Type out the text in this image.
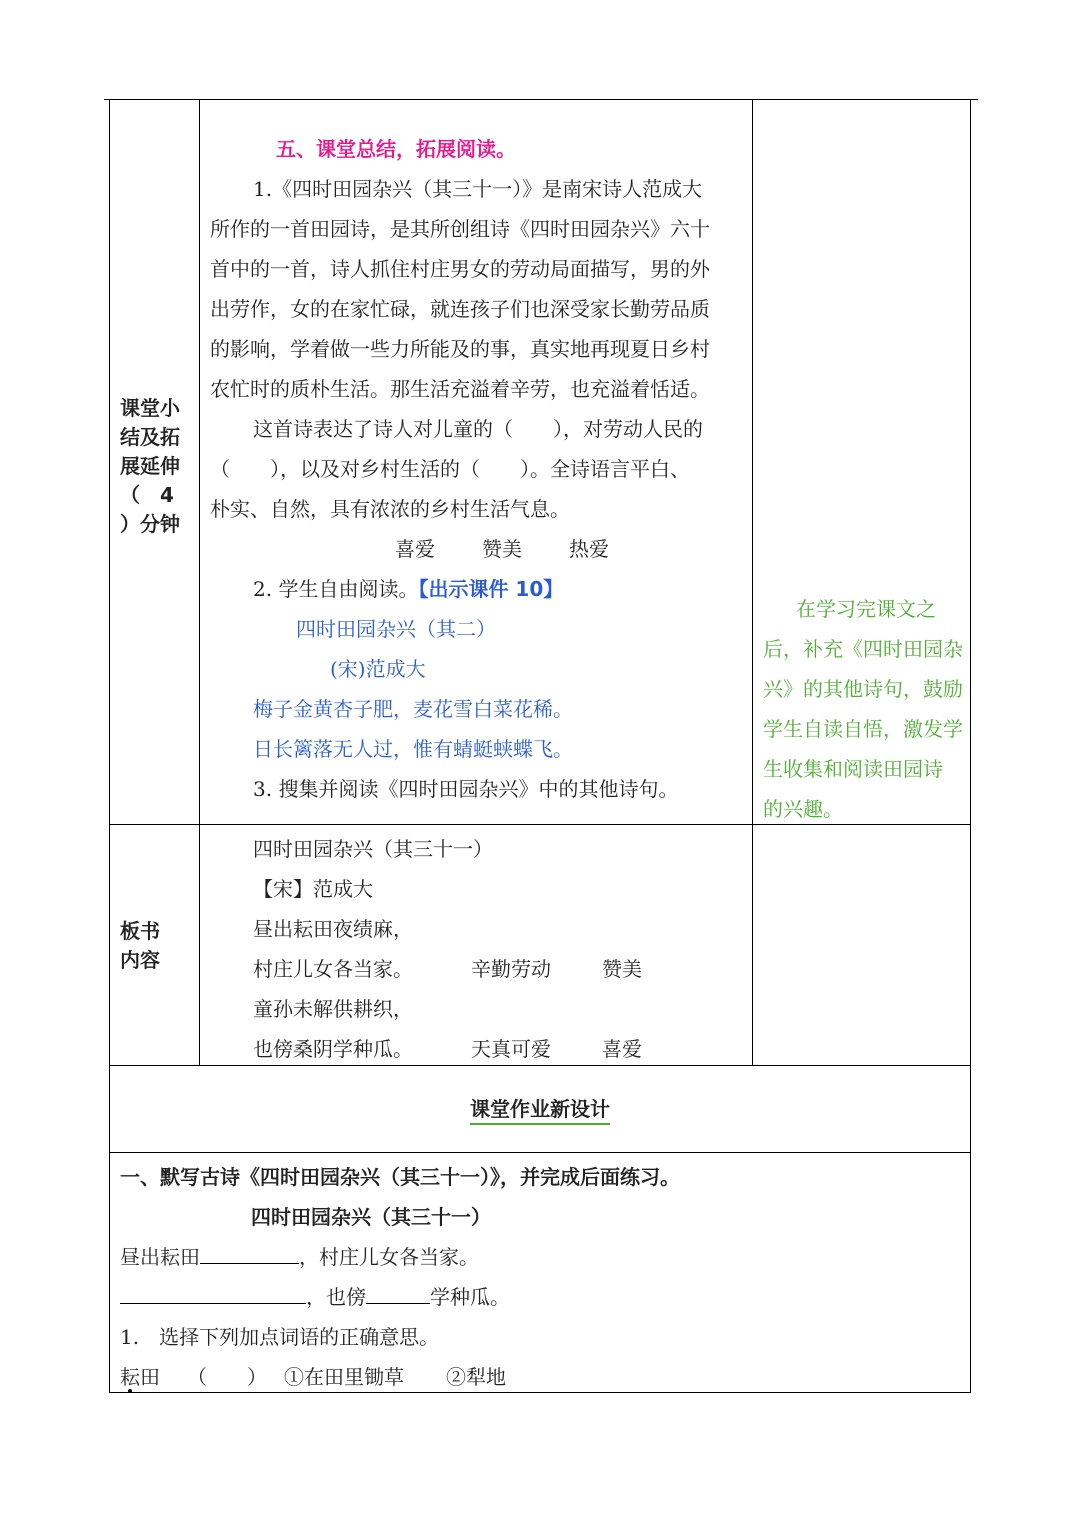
课堂小
结及拓
展延伸
（　4
）分钟
五、课堂总结，拓展阅读。
1.《四时田园杂兴（其三十一）》是南宋诗人范成大
所作的一首田园诗，是其所创组诗《四时田园杂兴》六十
首中的一首，诗人抓住村庄男女的劳动局面描写，男的外
出劳作，女的在家忙碌，就连孩子们也深受家长勤劳品质
的影响，学着做一些力所能及的事，真实地再现夏日乡村
农忙时的质朴生活。那生活充溢着辛劳，也充溢着恬适。
这首诗表达了诗人对儿童的（　　），对劳动人民的
（　　），以及对乡村生活的（　　）。全诗语言平白、
朴实、自然，具有浓浓的乡村生活气息。
喜爱 赞美 热爱
2. 学生自由阅读。【出示课件 10】
四时田园杂兴（其二）
(宋)范成大
梅子金黄杏子肥，麦花雪白菜花稀。
日长篱落无人过，惟有蜻蜓蛱蝶飞。
3. 搜集并阅读《四时田园杂兴》中的其他诗句。
在学习完课文之
后，补充《四时田园杂
兴》的其他诗句，鼓励
学生自读自悟，激发学
生收集和阅读田园诗
的兴趣。
板书
内容
四时田园杂兴（其三十一）
【宋】范成大
昼出耘田夜绩麻，
村庄儿女各当家。	辛勤劳动	赞美
童孙未解供耕织，
也傍桑阴学种瓜。	天真可爱	喜爱
课堂作业新设计
一、默写古诗《四时田园杂兴（其三十一）》，并完成后面练习。
四时田园杂兴（其三十一）
昼出耘田	，村庄儿女各当家。
，也傍	学种瓜。
1.　选择下列加点词语的正确意思。
耘田 （　　） ①在田里锄草 ②犁地
